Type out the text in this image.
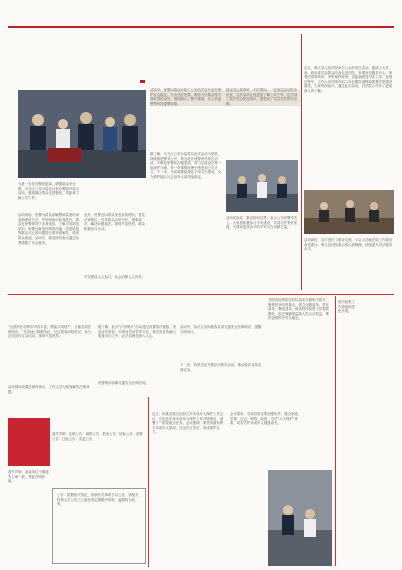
为进一步拉近警民距离，增强群众安全感，乌当区公安分局近日举办警营开放日活动，邀请辖区群众走进警营，零距离了解公安工作。
活动现场，民警为群众讲解警用装备的用途和使用方法，并现场演示防身技巧。群众在民警指导下亲身体验，了解日常防范知识。民警还就电信网络诈骗、防盗防抢等群众关心的问题进行面对面解答，受到群众欢迎。活动中，群众纷纷表示通过参观增强了安全意识。
此外，民警还向群众发放宣传资料，普及法律知识，引导群众自觉守法、遇事找法、解决问题靠法。现场气氛热烈，群众积极参与互动。
平安建设人人参与，社会治理人人有责。
活动中，民警向群众介绍了公安机关近年来在维护社会稳定、打击违法犯罪、服务人民群众等方面取得的成效，现场展示了警犬搜索、无人机巡逻等科技强警成果。
群众们认真聆听，不时提问。一位参加活动的市民说，这次活动让他更加了解公安工作，也学到了很多安全防范知识，感受到了实实在在的安全感。
据了解，乌当区公安分局将以此次活动为契机，持续推进警务公开，常态化开展警营开放日活动，不断拓宽警民沟通渠道，努力让群众在每一起案件办理、每一件事情处理中感受到公平正义。下一步，分局将继续深化平安乌当建设，全力维护辖区社会治安大局持续稳定。
活动结束后，群众纷纷点赞，表示公安民警辛苦了。大家将积极参与平安建设，共同守护美好家园，为建设更高水平的平安乌当贡献力量。
近日，修文县人民法院举办公众开放日活动，邀请人大代表、政协委员及群众代表走进法院，参观诉讼服务中心、审判法庭等场所，旁听案件庭审，近距离感受司法工作。参观过程中，工作人员详细介绍了诉讼服务流程和智慧法院建设情况。大家纷纷表示，通过此次活动，对法院工作有了更加深入的了解。
活动最后，双方进行了座谈交流，与会人员就法院工作提出意见建议。修文县法院表示将认真梳理，持续提升司法服务水平。
开阳县检察院坚持以清单式履职为抓手，聚焦驻所检察重点，建立问题清单、责任清单、整改清单，推动驻所检察工作提质增效，依法保障被监管人员合法权益，维护监管秩序安全稳定。
驻所检察工作持续规范化开展。
“这里的法治集市内容丰富，既能买到特产，又能学到法律知识。”在高速公路服务区，过往旅客纷纷驻足，参与法治宣传互动活动，现场气氛热烈。
活动现场设置法律咨询台，工作人员为旅客解答法律问题。
据了解，此次“法治集市”活动通过设置普法展板、发放宣传资料、开展有奖问答等方式，将法治宣传融入旅客出行之中，让法治理念深入人心。
民警现场讲解交通安全法律法规。
活动中，执法人员向旅客宣讲交通安全法律知识，提醒文明出行。
下一步，将常态化开展法治集市活动，推动普法宣传走深走实。
遗失声明：某某单位不慎遗失公章一枚，特此声明作废。
遗失声明 · 注销公告 · 减资公告 · 拍卖公告 · 招标公告 · 清算公告 · 迁址公告 · 变更公告
公告：根据相关规定，现就有关事项予以公告，请相关权利人自公告之日起在规定期限内申报，逾期视为放弃。
近日，松桃苗族自治县召开未成年人保护工作会议，总结近年来未成年人保护工作开展情况，部署下一阶段重点任务。会议强调，要坚持最有利于未成年人原则，压实各方责任，形成保护合力。
会议要求，各成员单位要加强协作，健全家庭、学校、社会、网络、政府、司法“六大保护”体系，切实守护未成年人健康成长。
